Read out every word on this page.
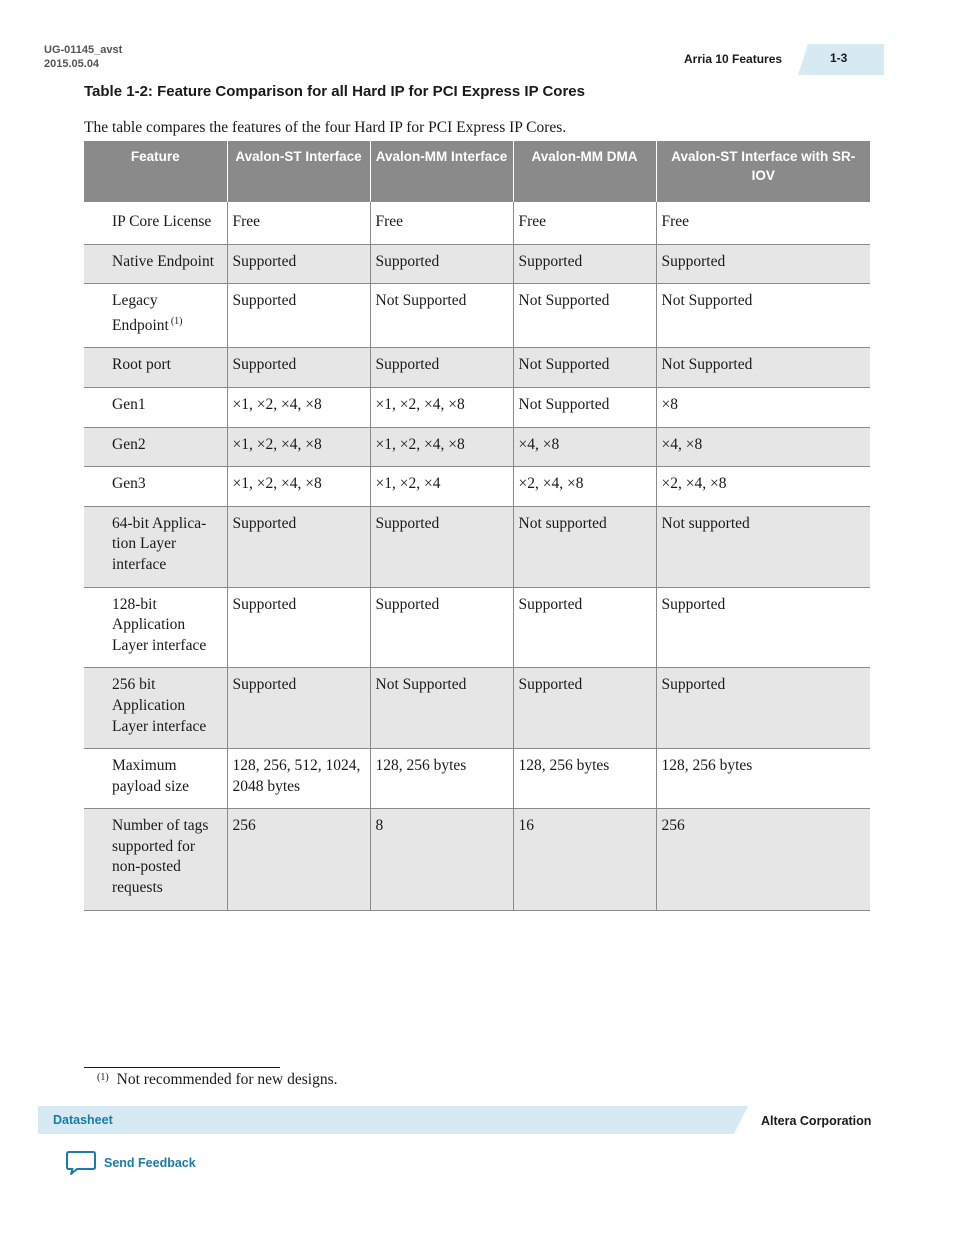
UG-01145_avst
2015.05.04	Arria 10 Features	1-3
Table 1-2: Feature Comparison for all Hard IP for PCI Express IP Cores
The table compares the features of the four Hard IP for PCI Express IP Cores.
Feature	Avalon-ST Interface	Avalon-MM Interface	Avalon-MM DMA	Avalon-ST Interface with SR-IOV
IP Core License	Free	Free	Free	Free
Native Endpoint	Supported	Supported	Supported	Supported
Legacy Endpoint $^{(1)}$	Supported	Not Supported	Not Supported	Not Supported
Root port	Supported	Supported	Not Supported	Not Supported
Gen1	×1, ×2, ×4, ×8	×1, ×2, ×4, ×8	Not Supported	×8
Gen2	×1, ×2, ×4, ×8	×1, ×2, ×4, ×8	×4, ×8	×4, ×8
Gen3	×1, ×2, ×4, ×8	×1, ×2, ×4	×2, ×4, ×8	×2, ×4, ×8
64-bit Applica-tion Layer interface	Supported	Supported	Not supported	Not supported
128-bit Application Layer interface	Supported	Supported	Supported	Supported
256 bit Application Layer interface	Supported	Not Supported	Supported	Supported
Maximum payload size	128, 256, 512, 1024, 2048 bytes	128, 256 bytes	128, 256 bytes	128, 256 bytes
Number of tags supported for non-posted requests	256	8	16	256
$^{(1)}$ Not recommended for new designs.
Datasheet	Altera Corporation
Send Feedback
